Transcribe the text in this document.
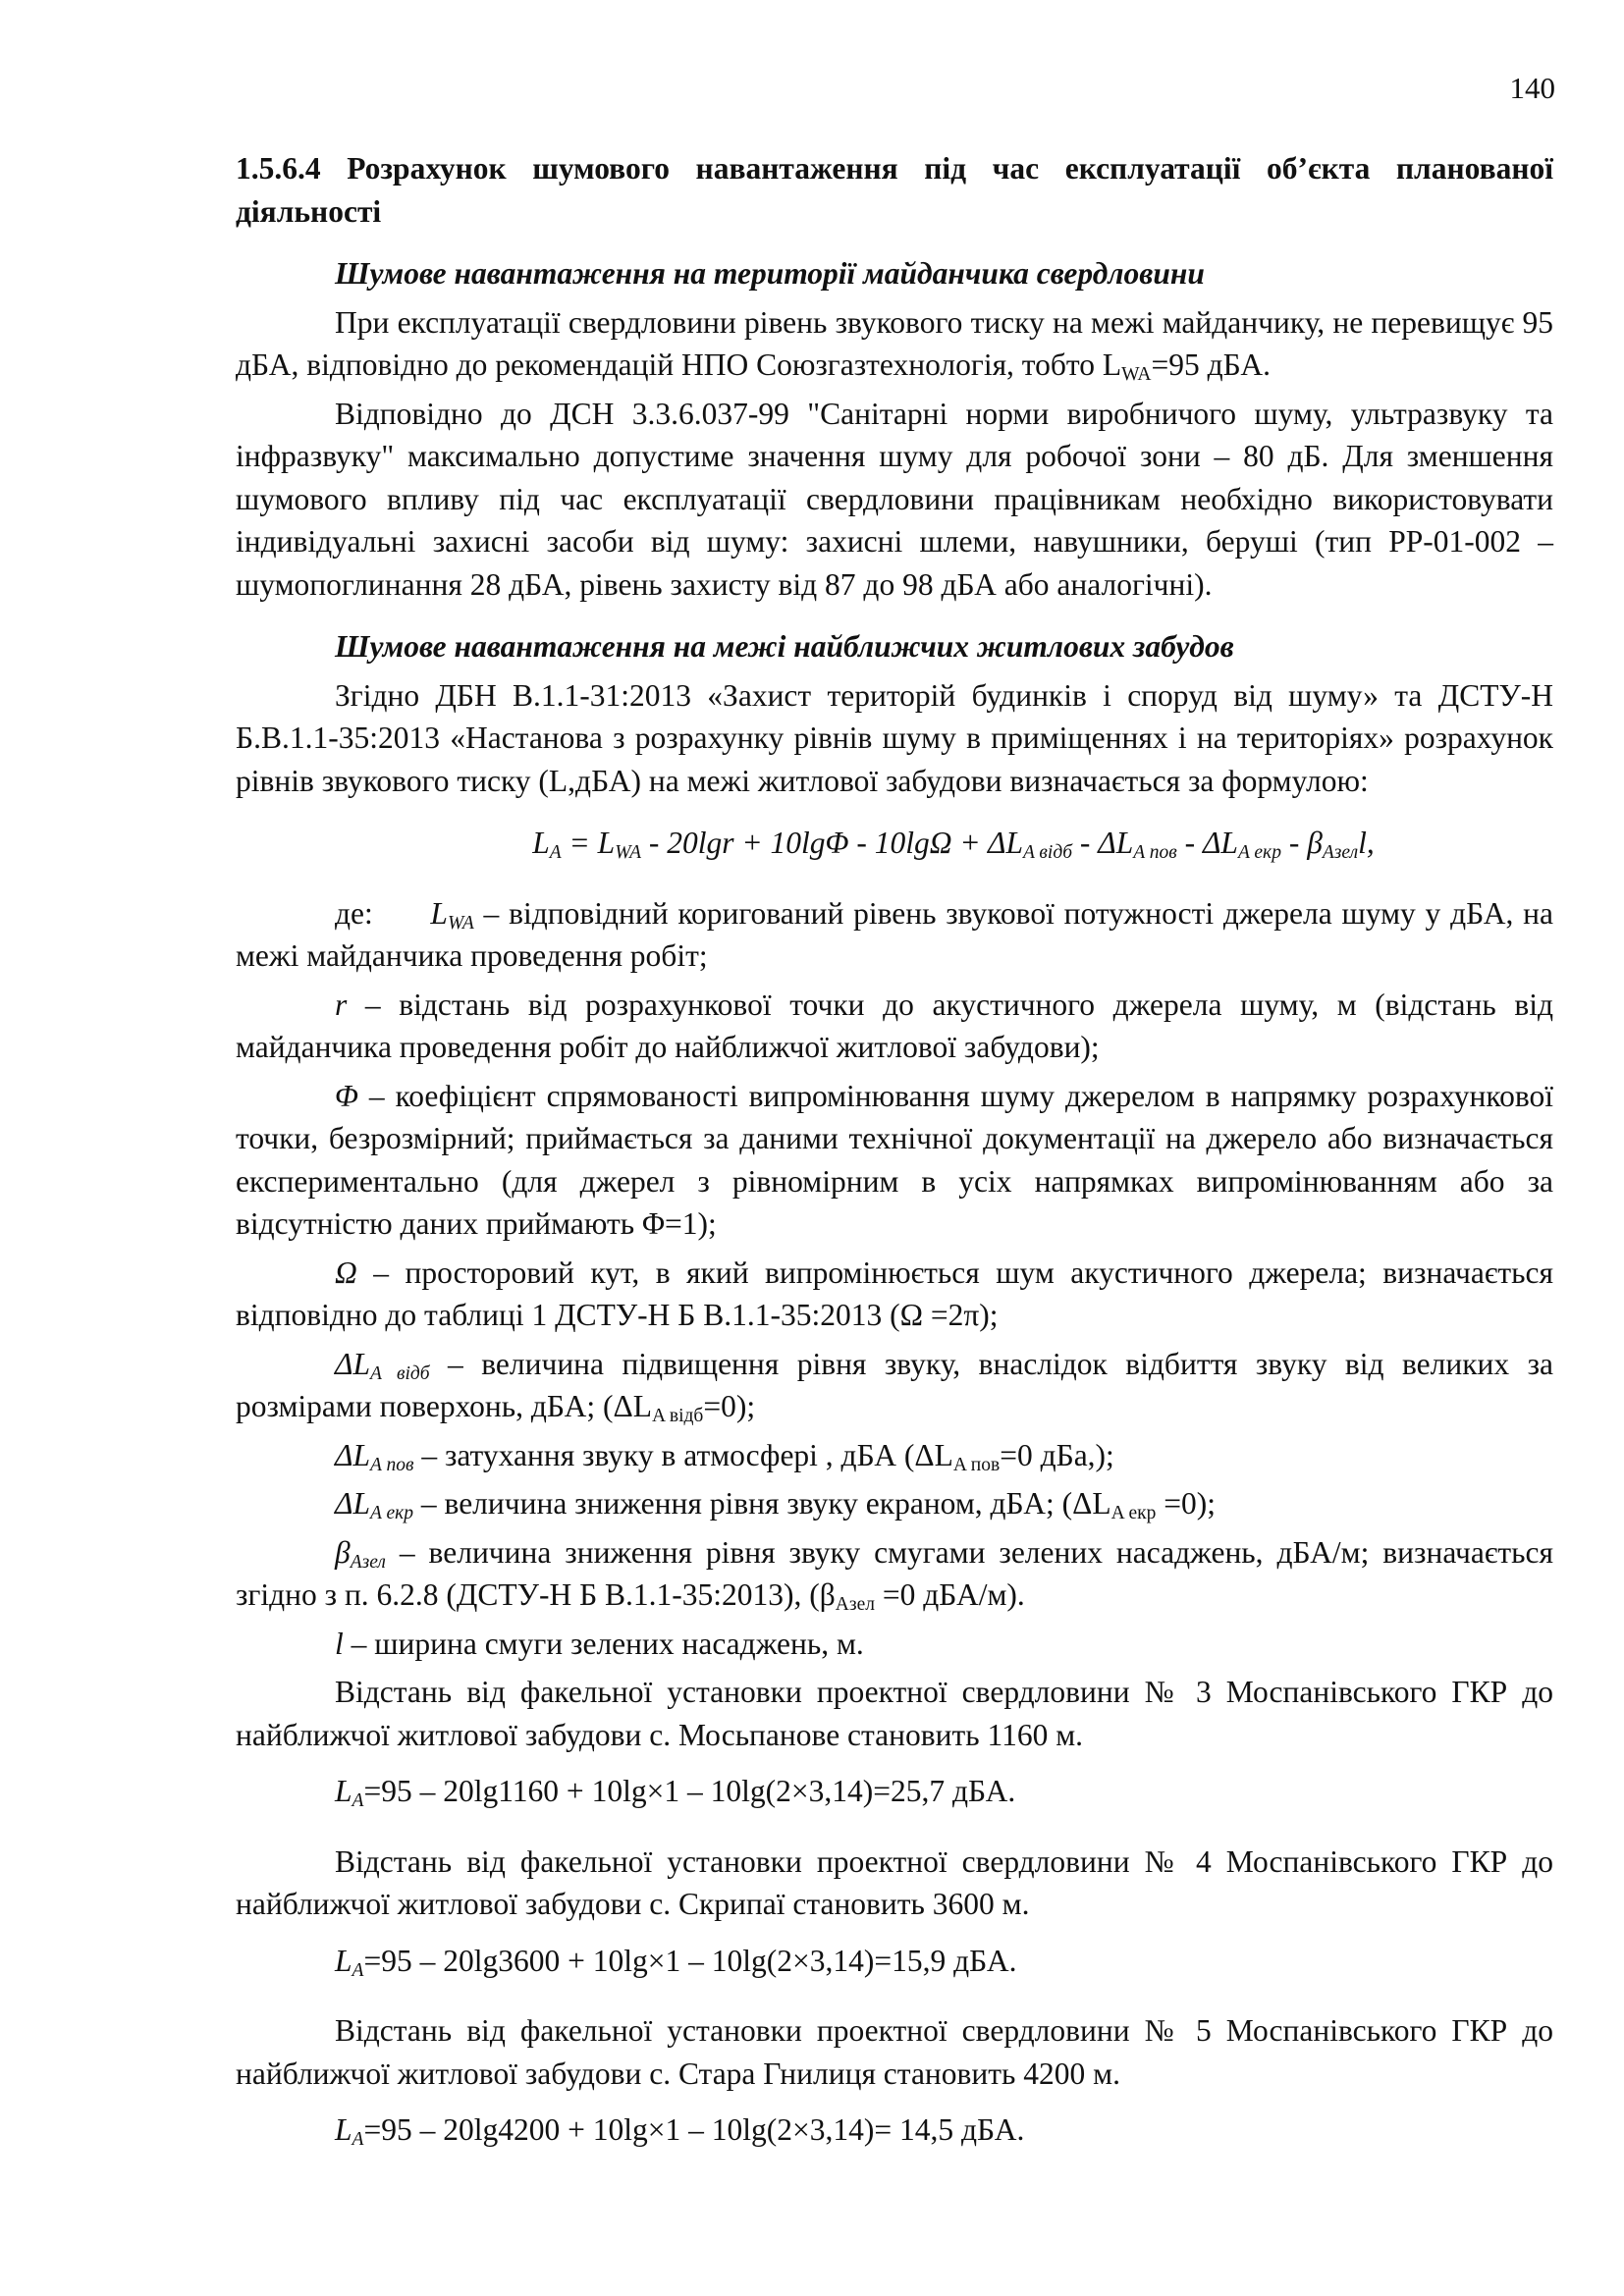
140

1.5.6.4 Розрахунок шумового навантаження під час експлуатації об’єкта планованої діяльності

Шумове навантаження на території майданчика свердловини

При експлуатації свердловини рівень звукового тиску на межі майданчику, не перевищує 95 дБА, відповідно до рекомендацій НПО Союзгазтехнологія, тобто $L_{WA}=95$ дБА.

Відповідно до ДСН 3.3.6.037-99 "Санітарні норми виробничого шуму, ультразвуку та інфразвуку" максимально допустиме значення шуму для робочої зони – 80 дБ. Для зменшення шумового впливу під час експлуатації свердловини працівникам необхідно використовувати індивідуальні захисні засоби від шуму: захисні шлеми, навушники, беруші (тип РР-01-002 – шумопоглинання 28 дБА, рівень захисту від 87 до 98 дБА або аналогічні).

Шумове навантаження на межі найближчих житлових забудов

Згідно ДБН В.1.1-31:2013 «Захист територій будинків і споруд від шуму» та ДСТУ-Н Б.В.1.1-35:2013 «Настанова з розрахунку рівнів шуму в приміщеннях і на територіях» розрахунок рівнів звукового тиску (L,дБА) на межі житлової забудови визначається за формулою:

$L_A = L_{WA} - 20\lg r + 10\lg\Phi - 10\lg\Omega + \Delta L_{A відб} - \Delta L_{A пов} - \Delta L_{A екр} - \beta_{Азел}l$,

де: $L_{WA}$ – відповідний коригований рівень звукової потужності джерела шуму у дБА, на межі майданчика проведення робіт;

r – відстань від розрахункової точки до акустичного джерела шуму, м (відстань від майданчика проведення робіт до найближчої житлової забудови);

Φ – коефіцієнт спрямованості випромінювання шуму джерелом в напрямку розрахункової точки, безрозмірний; приймається за даними технічної документації на джерело або визначається експериментально (для джерел з рівномірним в усіх напрямках випромінюванням або за відсутністю даних приймають Φ=1);

Ω – просторовий кут, в який випромінюється шум акустичного джерела; визначається відповідно до таблиці 1 ДСТУ-Н Б В.1.1-35:2013 (Ω =2π);

$\Delta L_{A відб}$ – величина підвищення рівня звуку, внаслідок відбиття звуку від великих за розмірами поверхонь, дБА; $(\Delta L_{A відб}=0)$;

$\Delta L_{A пов}$ – затухання звуку в атмосфері , дБА ($\Delta L_{A пов}=0$ дБа,);

$\Delta L_{A екр}$ – величина зниження рівня звуку екраном, дБА; $(\Delta L_{A екр} =0)$;

$\beta_{Азел}$ – величина зниження рівня звуку смугами зелених насаджень, дБА/м; визначається згідно з п. 6.2.8 (ДСТУ-Н Б В.1.1-35:2013), ($\beta_{Азел} =0$ дБА/м).

l – ширина смуги зелених насаджень, м.

Відстань від факельної установки проектної свердловини № 3 Моспанівського ГКР до найближчої житлової забудови с. Мосьпанове становить 1160 м.

$L_A=95 - 20\lg 1160 + 10\lg\times 1 - 10\lg(2\times 3,14)=25,7$ дБА.

Відстань від факельної установки проектної свердловини № 4 Моспанівського ГКР до найближчої житлової забудови с. Скрипаї становить 3600 м.

$L_A=95 - 20\lg 3600 + 10\lg\times 1 - 10\lg(2\times 3,14)=15,9$ дБА.

Відстань від факельної установки проектної свердловини № 5 Моспанівського ГКР до найближчої житлової забудови с. Стара Гнилиця становить 4200 м.

$L_A=95 - 20\lg 4200 + 10\lg\times 1 - 10\lg(2\times 3,14)= 14,5$ дБА.
